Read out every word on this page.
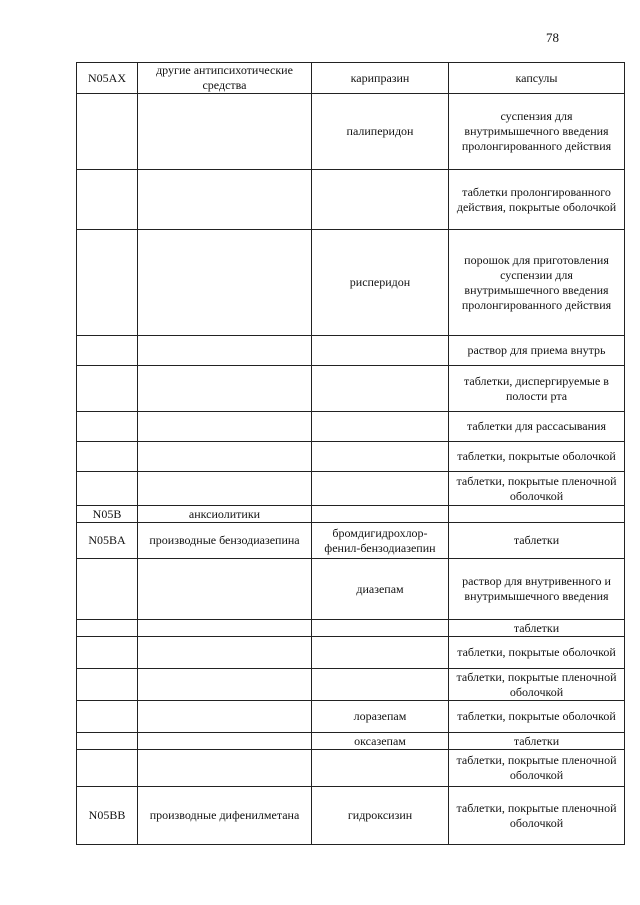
78
N05AX	другие антипсихотические средства	карипразин	капсулы
		палиперидон	суспензия для внутримышечного введения пролонгированного действия
			таблетки пролонгированного действия, покрытые оболочкой
		рисперидон	порошок для приготовления суспензии для внутримышечного введения пролонгированного действия
			раствор для приема внутрь
			таблетки, диспергируемые в полости рта
			таблетки для рассасывания
			таблетки, покрытые оболочкой
			таблетки, покрытые пленочной оболочкой
N05B	анксиолитики		
N05BA	производные бензодиазепина	бромдигидрохлор-фенил-бензодиазепин	таблетки
		диазепам	раствор для внутривенного и внутримышечного введения
			таблетки
			таблетки, покрытые оболочкой
			таблетки, покрытые пленочной оболочкой
		лоразепам	таблетки, покрытые оболочкой
		оксазепам	таблетки
			таблетки, покрытые пленочной оболочкой
N05BB	производные дифенилметана	гидроксизин	таблетки, покрытые пленочной оболочкой
